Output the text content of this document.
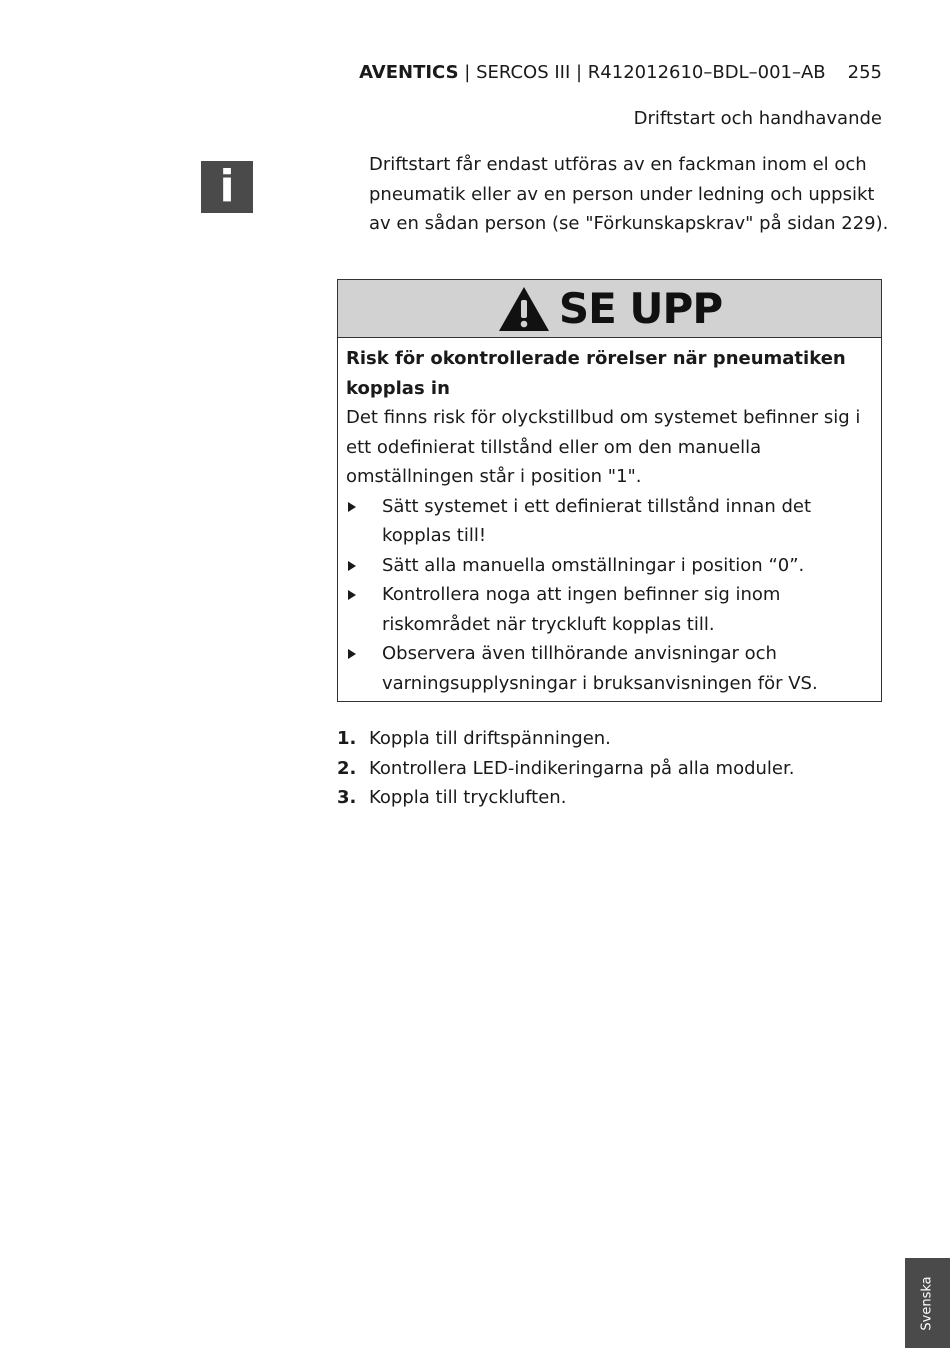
AVENTICS | SERCOS III | R412012610–BDL–001–AB 255
Driftstart och handhavande
i	Driftstart får endast utföras av en fackman inom el och pneumatik eller av en person under ledning och uppsikt av en sådan person (se "Förkunskapskrav" på sidan 229).
SE UPP
Risk för okontrollerade rörelser när pneumatiken kopplas in
Det finns risk för olyckstillbud om systemet befinner sig i ett odefinierat tillstånd eller om den manuella omställningen står i position "1".
Sätt systemet i ett definierat tillstånd innan det kopplas till!
Sätt alla manuella omställningar i position “0”.
Kontrollera noga att ingen befinner sig inom riskområdet när tryckluft kopplas till.
Observera även tillhörande anvisningar och varningsupplysningar i bruksanvisningen för VS.
1. Koppla till driftspänningen.
2. Kontrollera LED-indikeringarna på alla moduler.
3. Koppla till tryckluften.
Svenska
